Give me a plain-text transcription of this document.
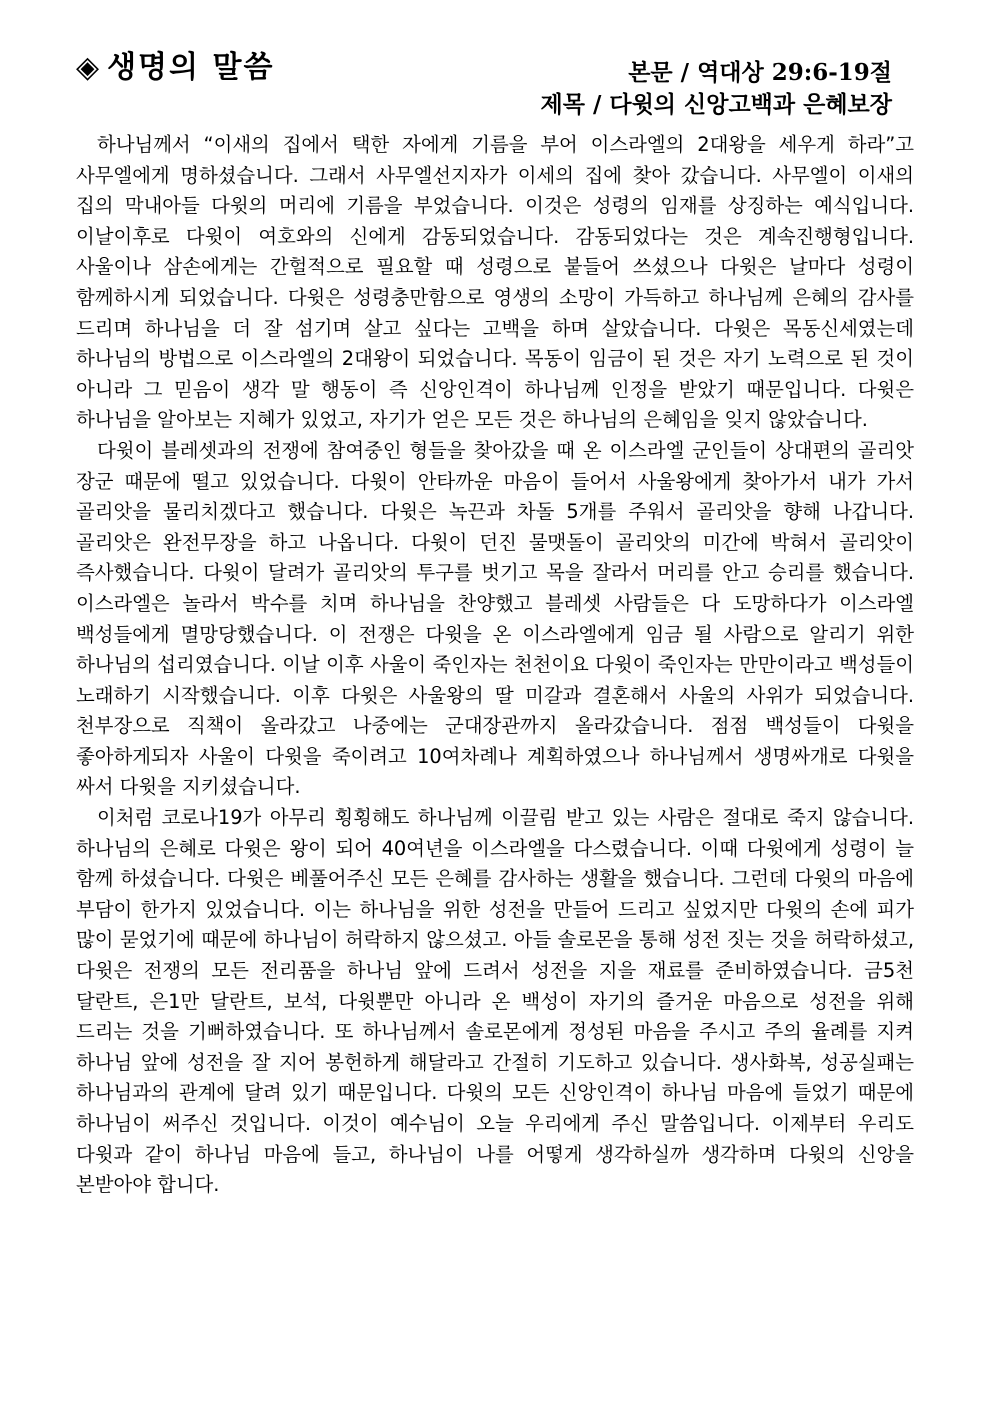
◈ 생명의 말씀	본문 / 역대상 29:6-19절
제목 / 다윗의 신앙고백과 은혜보장

하나님께서 “이새의 집에서 택한 자에게 기름을 부어 이스라엘의 2대왕을 세우게 하라”고 사무엘에게 명하셨습니다. 그래서 사무엘선지자가 이세의 집에 찾아 갔습니다. 사무엘이 이새의 집의 막내아들 다윗의 머리에 기름을 부었습니다. 이것은 성령의 임재를 상징하는 예식입니다. 이날이후로 다윗이 여호와의 신에게 감동되었습니다. 감동되었다는 것은 계속진행형입니다. 사울이나 삼손에게는 간헐적으로 필요할 때 성령으로 붙들어 쓰셨으나 다윗은 날마다 성령이 함께하시게 되었습니다. 다윗은 성령충만함으로 영생의 소망이 가득하고 하나님께 은혜의 감사를 드리며 하나님을 더 잘 섬기며 살고 싶다는 고백을 하며 살았습니다. 다윗은 목동신세였는데 하나님의 방법으로 이스라엘의 2대왕이 되었습니다. 목동이 임금이 된 것은 자기 노력으로 된 것이 아니라 그 믿음이 생각 말 행동이 즉 신앙인격이 하나님께 인정을 받았기 때문입니다. 다윗은 하나님을 알아보는 지혜가 있었고, 자기가 얻은 모든 것은 하나님의 은혜임을 잊지 않았습니다.

다윗이 블레셋과의 전쟁에 참여중인 형들을 찾아갔을 때 온 이스라엘 군인들이 상대편의 골리앗 장군 때문에 떨고 있었습니다. 다윗이 안타까운 마음이 들어서 사울왕에게 찾아가서 내가 가서 골리앗을 물리치겠다고 했습니다. 다윗은 녹끈과 차돌 5개를 주워서 골리앗을 향해 나갑니다. 골리앗은 완전무장을 하고 나옵니다. 다윗이 던진 물맷돌이 골리앗의 미간에 박혀서 골리앗이 즉사했습니다. 다윗이 달려가 골리앗의 투구를 벗기고 목을 잘라서 머리를 안고 승리를 했습니다. 이스라엘은 놀라서 박수를 치며 하나님을 찬양했고 블레셋 사람들은 다 도망하다가 이스라엘 백성들에게 멸망당했습니다. 이 전쟁은 다윗을 온 이스라엘에게 임금 될 사람으로 알리기 위한 하나님의 섭리였습니다. 이날 이후 사울이 죽인자는 천천이요 다윗이 죽인자는 만만이라고 백성들이 노래하기 시작했습니다. 이후 다윗은 사울왕의 딸 미갈과 결혼해서 사울의 사위가 되었습니다. 천부장으로 직책이 올라갔고 나중에는 군대장관까지 올라갔습니다. 점점 백성들이 다윗을 좋아하게되자 사울이 다윗을 죽이려고 10여차례나 계획하였으나 하나님께서 생명싸개로 다윗을 싸서 다윗을 지키셨습니다.

이처럼 코로나19가 아무리 횡횡해도 하나님께 이끌림 받고 있는 사람은 절대로 죽지 않습니다. 하나님의 은혜로 다윗은 왕이 되어 40여년을 이스라엘을 다스렸습니다. 이때 다윗에게 성령이 늘 함께 하셨습니다. 다윗은 베풀어주신 모든 은혜를 감사하는 생활을 했습니다. 그런데 다윗의 마음에 부담이 한가지 있었습니다. 이는 하나님을 위한 성전을 만들어 드리고 싶었지만 다윗의 손에 피가 많이 묻었기에 때문에 하나님이 허락하지 않으셨고. 아들 솔로몬을 통해 성전 짓는 것을 허락하셨고, 다윗은 전쟁의 모든 전리품을 하나님 앞에 드려서 성전을 지을 재료를 준비하였습니다. 금5천 달란트, 은1만 달란트, 보석, 다윗뿐만 아니라 온 백성이 자기의 즐거운 마음으로 성전을 위해 드리는 것을 기뻐하였습니다. 또 하나님께서 솔로몬에게 정성된 마음을 주시고 주의 율례를 지켜 하나님 앞에 성전을 잘 지어 봉헌하게 해달라고 간절히 기도하고 있습니다. 생사화복, 성공실패는 하나님과의 관계에 달려 있기 때문입니다. 다윗의 모든 신앙인격이 하나님 마음에 들었기 때문에 하나님이 써주신 것입니다. 이것이 예수님이 오늘 우리에게 주신 말씀입니다. 이제부터 우리도 다윗과 같이 하나님 마음에 들고, 하나님이 나를 어떻게 생각하실까 생각하며 다윗의 신앙을 본받아야 합니다.
